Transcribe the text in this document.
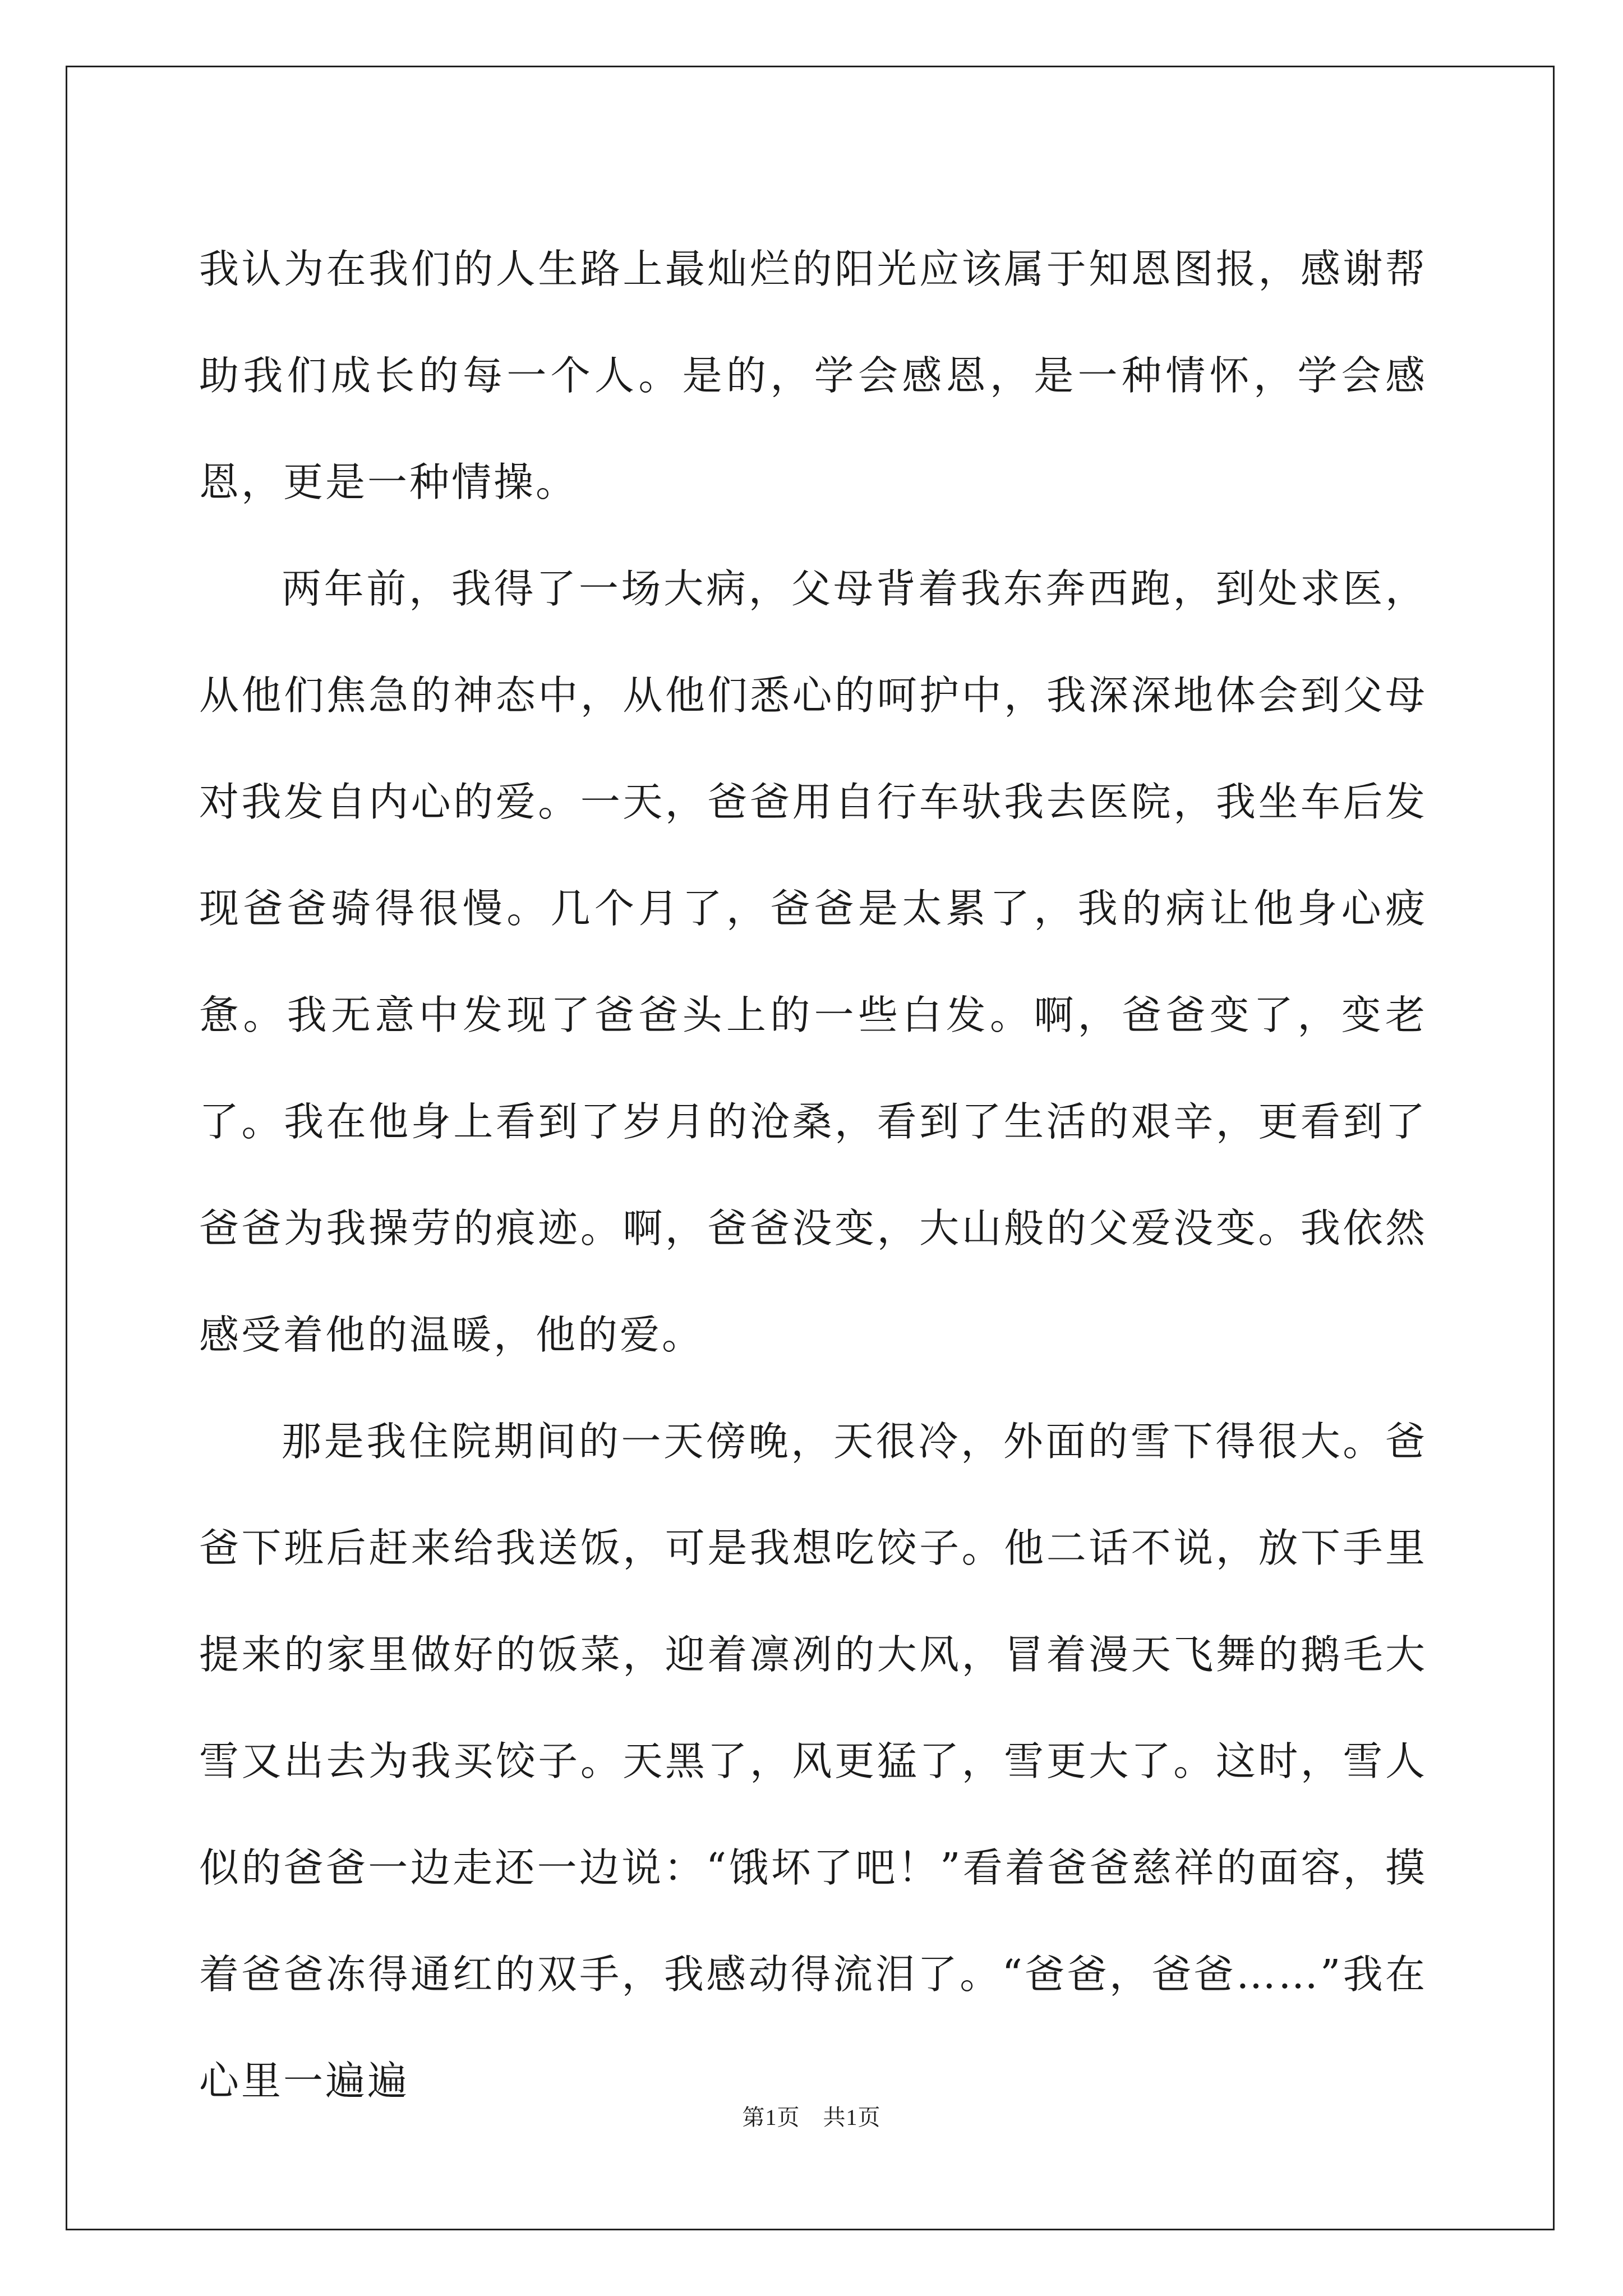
我认为在我们的人生路上最灿烂的阳光应该属于知恩图报，感谢帮助我们成长的每一个人。是的，学会感恩，是一种情怀，学会感恩，更是一种情操。

两年前，我得了一场大病，父母背着我东奔西跑，到处求医，从他们焦急的神态中，从他们悉心的呵护中，我深深地体会到父母对我发自内心的爱。一天，爸爸用自行车驮我去医院，我坐车后发现爸爸骑得很慢。几个月了，爸爸是太累了，我的病让他身心疲惫。我无意中发现了爸爸头上的一些白发。啊，爸爸变了，变老了。我在他身上看到了岁月的沧桑，看到了生活的艰辛，更看到了爸爸为我操劳的痕迹。啊，爸爸没变，大山般的父爱没变。我依然感受着他的温暖，他的爱。

那是我住院期间的一天傍晚，天很冷，外面的雪下得很大。爸爸下班后赶来给我送饭，可是我想吃饺子。他二话不说，放下手里提来的家里做好的饭菜，迎着凛冽的大风，冒着漫天飞舞的鹅毛大雪又出去为我买饺子。天黑了，风更猛了，雪更大了。这时，雪人似的爸爸一边走还一边说：“饿坏了吧！”看着爸爸慈祥的面容，摸着爸爸冻得通红的双手，我感动得流泪了。“爸爸，爸爸……”我在心里一遍遍

第1页　共1页
